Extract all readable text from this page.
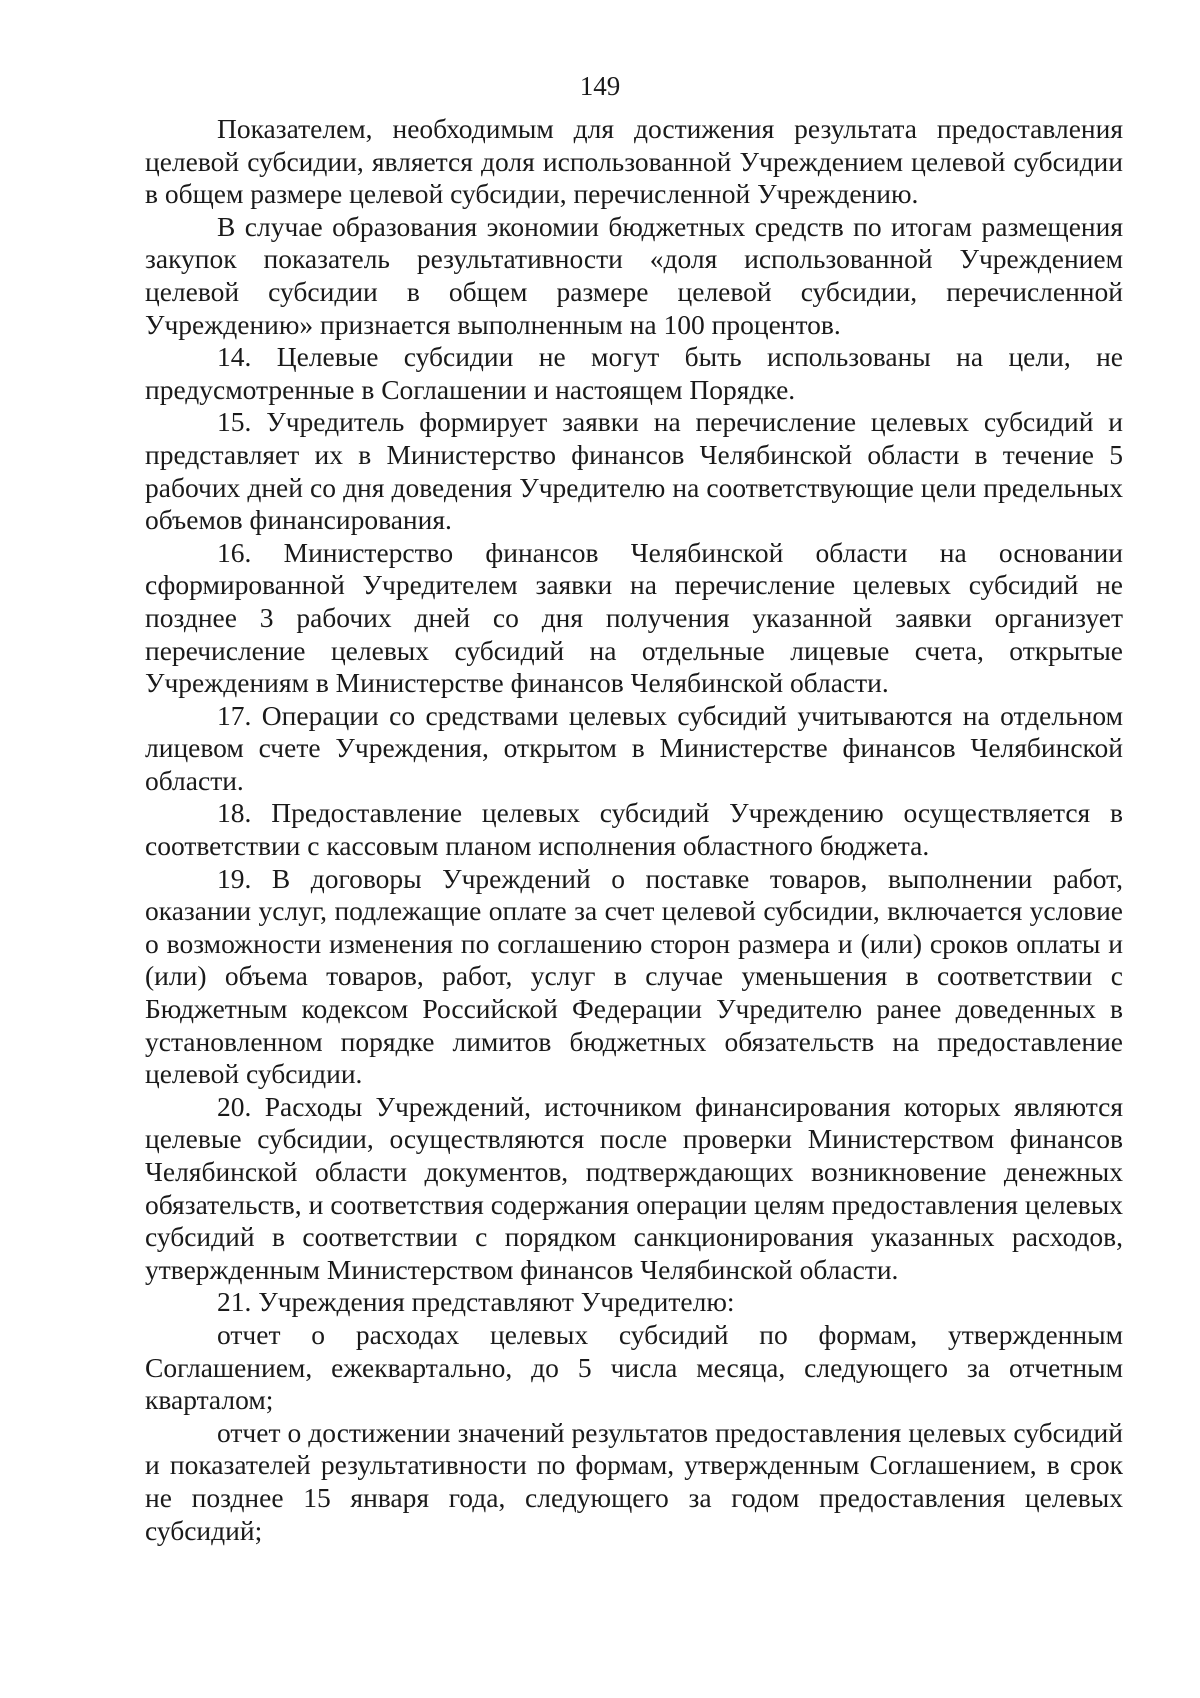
149

Показателем, необходимым для достижения результата предоставления целевой субсидии, является доля использованной Учреждением целевой субсидии в общем размере целевой субсидии, перечисленной Учреждению.

В случае образования экономии бюджетных средств по итогам размещения закупок показатель результативности «доля использованной Учреждением целевой субсидии в общем размере целевой субсидии, перечисленной Учреждению» признается выполненным на 100 процентов.

14. Целевые субсидии не могут быть использованы на цели, не предусмотренные в Соглашении и настоящем Порядке.

15. Учредитель формирует заявки на перечисление целевых субсидий и представляет их в Министерство финансов Челябинской области в течение 5 рабочих дней со дня доведения Учредителю на соответствующие цели предельных объемов финансирования.

16. Министерство финансов Челябинской области на основании сформированной Учредителем заявки на перечисление целевых субсидий не позднее 3 рабочих дней со дня получения указанной заявки организует перечисление целевых субсидий на отдельные лицевые счета, открытые Учреждениям в Министерстве финансов Челябинской области.

17. Операции со средствами целевых субсидий учитываются на отдельном лицевом счете Учреждения, открытом в Министерстве финансов Челябинской области.

18. Предоставление целевых субсидий Учреждению осуществляется в соответствии с кассовым планом исполнения областного бюджета.

19. В договоры Учреждений о поставке товаров, выполнении работ, оказании услуг, подлежащие оплате за счет целевой субсидии, включается условие о возможности изменения по соглашению сторон размера и (или) сроков оплаты и (или) объема товаров, работ, услуг в случае уменьшения в соответствии с Бюджетным кодексом Российской Федерации Учредителю ранее доведенных в установленном порядке лимитов бюджетных обязательств на предоставление целевой субсидии.

20. Расходы Учреждений, источником финансирования которых являются целевые субсидии, осуществляются после проверки Министерством финансов Челябинской области документов, подтверждающих возникновение денежных обязательств, и соответствия содержания операции целям предоставления целевых субсидий в соответствии с порядком санкционирования указанных расходов, утвержденным Министерством финансов Челябинской области.

21. Учреждения представляют Учредителю:

отчет о расходах целевых субсидий по формам, утвержденным Соглашением, ежеквартально, до 5 числа месяца, следующего за отчетным кварталом;

отчет о достижении значений результатов предоставления целевых субсидий и показателей результативности по формам, утвержденным Соглашением, в срок не позднее 15 января года, следующего за годом предоставления целевых субсидий;
